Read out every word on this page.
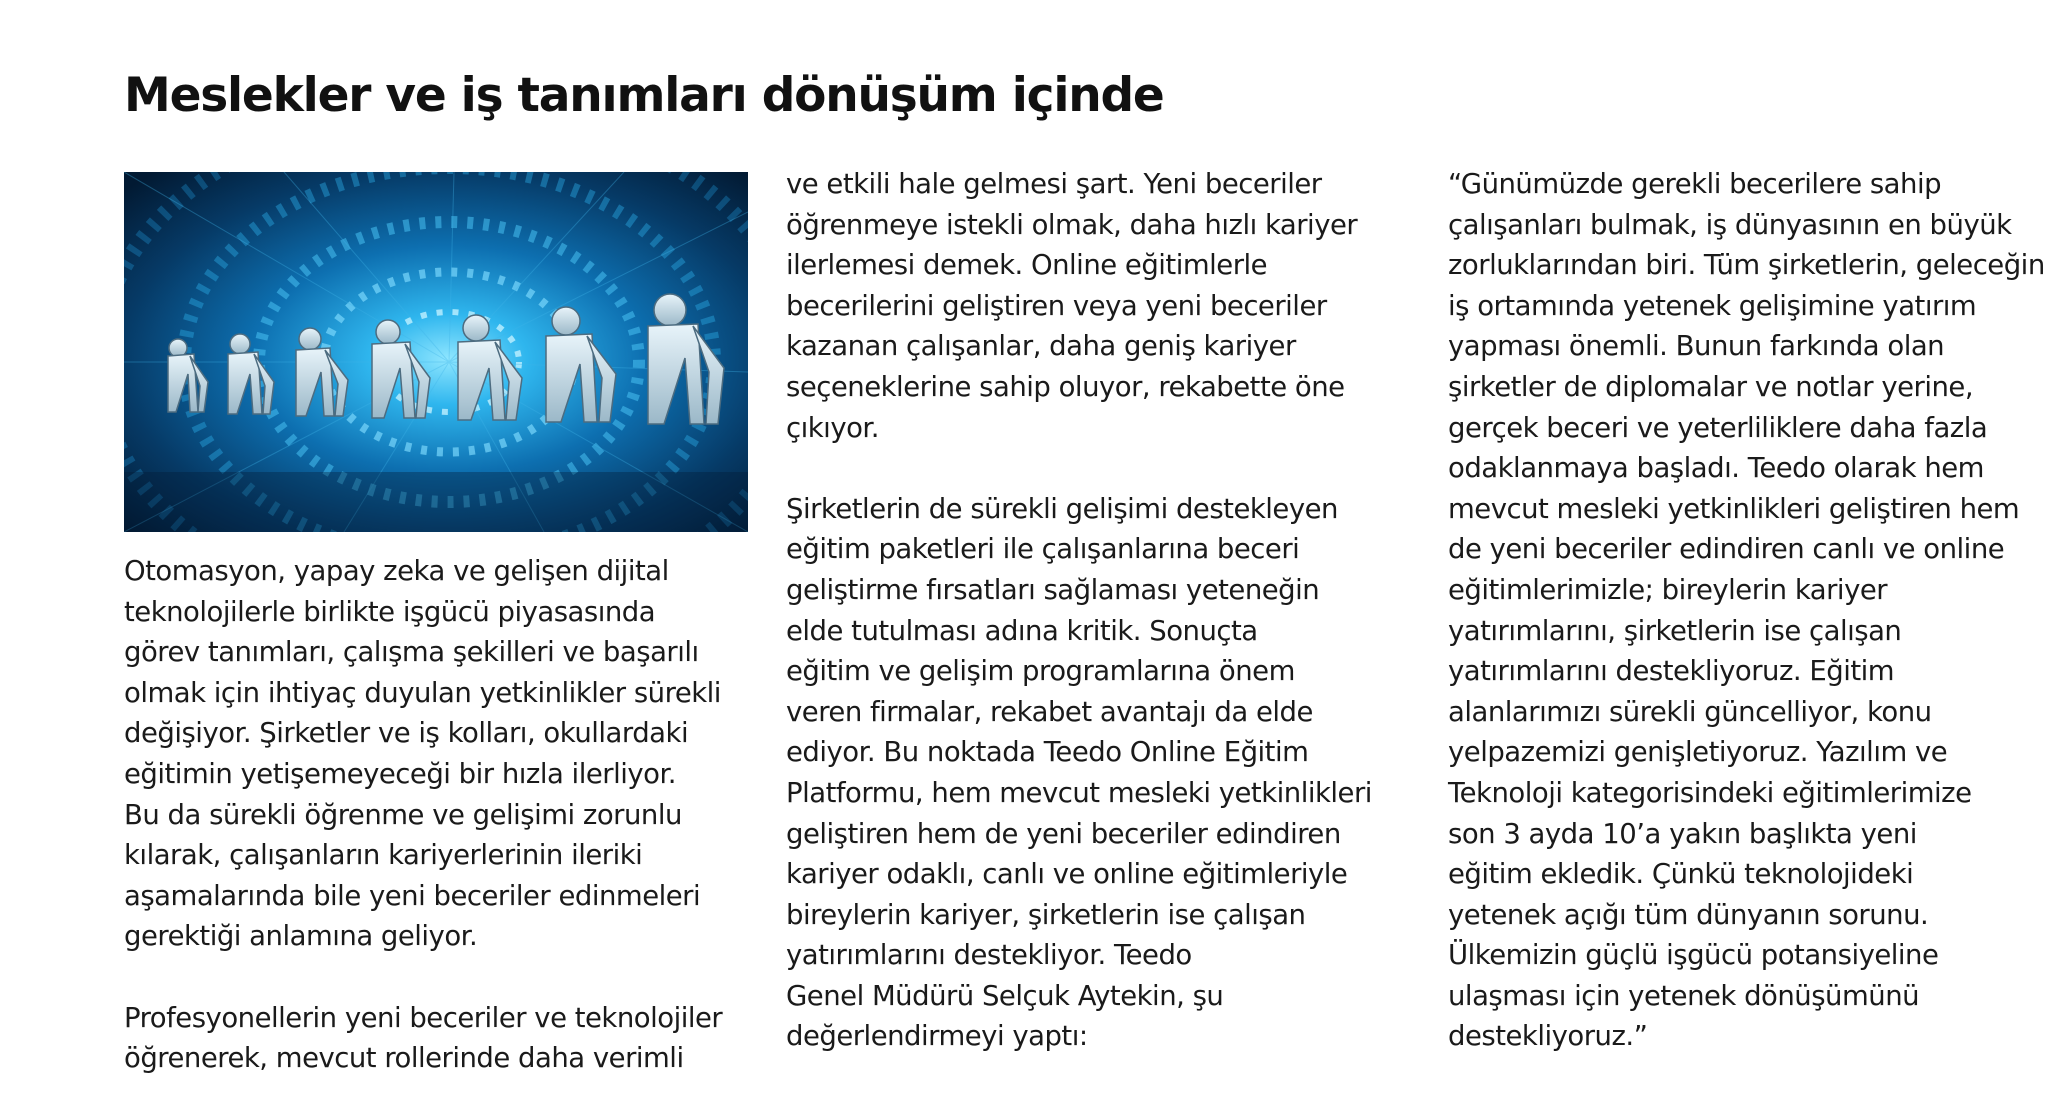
Meslekler ve iş tanımları dönüşüm içinde

Otomasyon, yapay zeka ve gelişen dijital
teknolojilerle birlikte işgücü piyasasında
görev tanımları, çalışma şekilleri ve başarılı
olmak için ihtiyaç duyulan yetkinlikler sürekli
değişiyor. Şirketler ve iş kolları, okullardaki
eğitimin yetişemeyeceği bir hızla ilerliyor.
Bu da sürekli öğrenme ve gelişimi zorunlu
kılarak, çalışanların kariyerlerinin ileriki
aşamalarında bile yeni beceriler edinmeleri
gerektiği anlamına geliyor.

Profesyonellerin yeni beceriler ve teknolojiler
öğrenerek, mevcut rollerinde daha verimli

ve etkili hale gelmesi şart. Yeni beceriler
öğrenmeye istekli olmak, daha hızlı kariyer
ilerlemesi demek. Online eğitimlerle
becerilerini geliştiren veya yeni beceriler
kazanan çalışanlar, daha geniş kariyer
seçeneklerine sahip oluyor, rekabette öne
çıkıyor.

Şirketlerin de sürekli gelişimi destekleyen
eğitim paketleri ile çalışanlarına beceri
geliştirme fırsatları sağlaması yeteneğin
elde tutulması adına kritik. Sonuçta
eğitim ve gelişim programlarına önem
veren firmalar, rekabet avantajı da elde
ediyor. Bu noktada Teedo Online Eğitim
Platformu, hem mevcut mesleki yetkinlikleri
geliştiren hem de yeni beceriler edindiren
kariyer odaklı, canlı ve online eğitimleriyle
bireylerin kariyer, şirketlerin ise çalışan
yatırımlarını destekliyor. Teedo
Genel Müdürü Selçuk Aytekin, şu
değerlendirmeyi yaptı:

“Günümüzde gerekli becerilere sahip
çalışanları bulmak, iş dünyasının en büyük
zorluklarından biri. Tüm şirketlerin, geleceğin
iş ortamında yetenek gelişimine yatırım
yapması önemli. Bunun farkında olan
şirketler de diplomalar ve notlar yerine,
gerçek beceri ve yeterliliklere daha fazla
odaklanmaya başladı. Teedo olarak hem
mevcut mesleki yetkinlikleri geliştiren hem
de yeni beceriler edindiren canlı ve online
eğitimlerimizle; bireylerin kariyer
yatırımlarını, şirketlerin ise çalışan
yatırımlarını destekliyoruz. Eğitim
alanlarımızı sürekli güncelliyor, konu
yelpazemizi genişletiyoruz. Yazılım ve
Teknoloji kategorisindeki eğitimlerimize
son 3 ayda 10’a yakın başlıkta yeni
eğitim ekledik. Çünkü teknolojideki
yetenek açığı tüm dünyanın sorunu.
Ülkemizin güçlü işgücü potansiyeline
ulaşması için yetenek dönüşümünü
destekliyoruz.”
